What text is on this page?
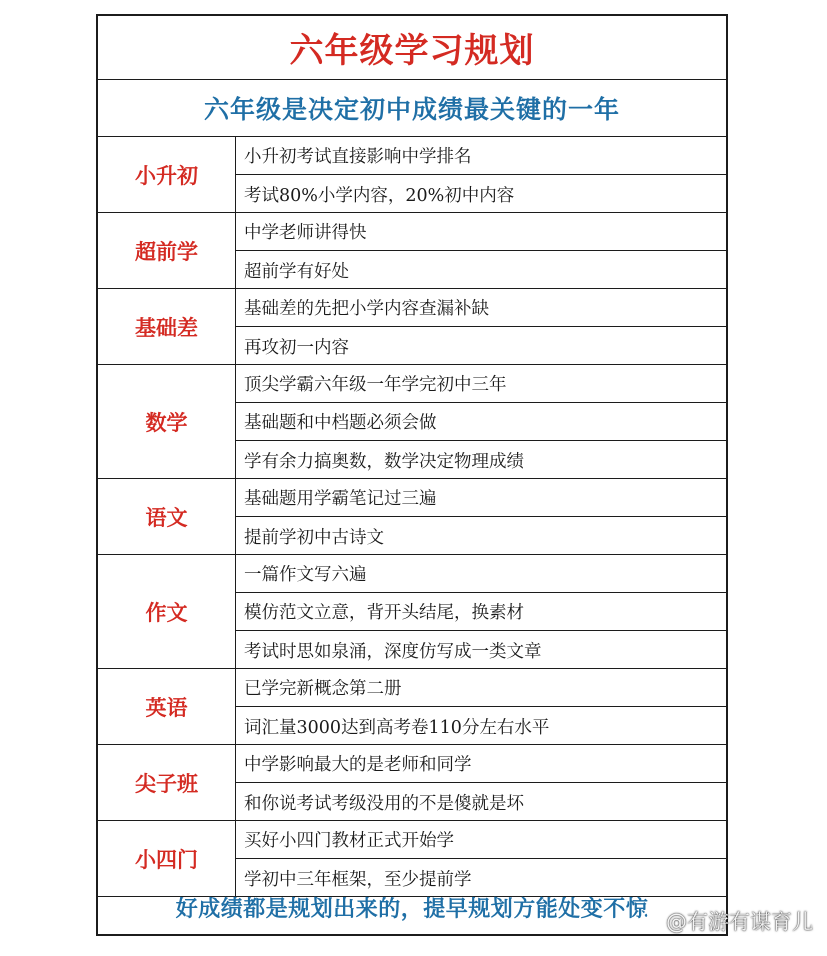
六年级学习规划
六年级是决定初中成绩最关键的一年
小升初
小升初考试直接影响中学排名
考试80%小学内容，20%初中内容
超前学
中学老师讲得快
超前学有好处
基础差
基础差的先把小学内容查漏补缺
再攻初一内容
数学
顶尖学霸六年级一年学完初中三年
基础题和中档题必须会做
学有余力搞奥数，数学决定物理成绩
语文
基础题用学霸笔记过三遍
提前学初中古诗文
作文
一篇作文写六遍
模仿范文立意，背开头结尾，换素材
考试时思如泉涌，深度仿写成一类文章
英语
已学完新概念第二册
词汇量3000达到高考卷110分左右水平
尖子班
中学影响最大的是老师和同学
和你说考试考级没用的不是傻就是坏
小四门
买好小四门教材正式开始学
学初中三年框架，至少提前学
好成绩都是规划出来的，提早规划方能处变不惊 @有游有谋育儿
